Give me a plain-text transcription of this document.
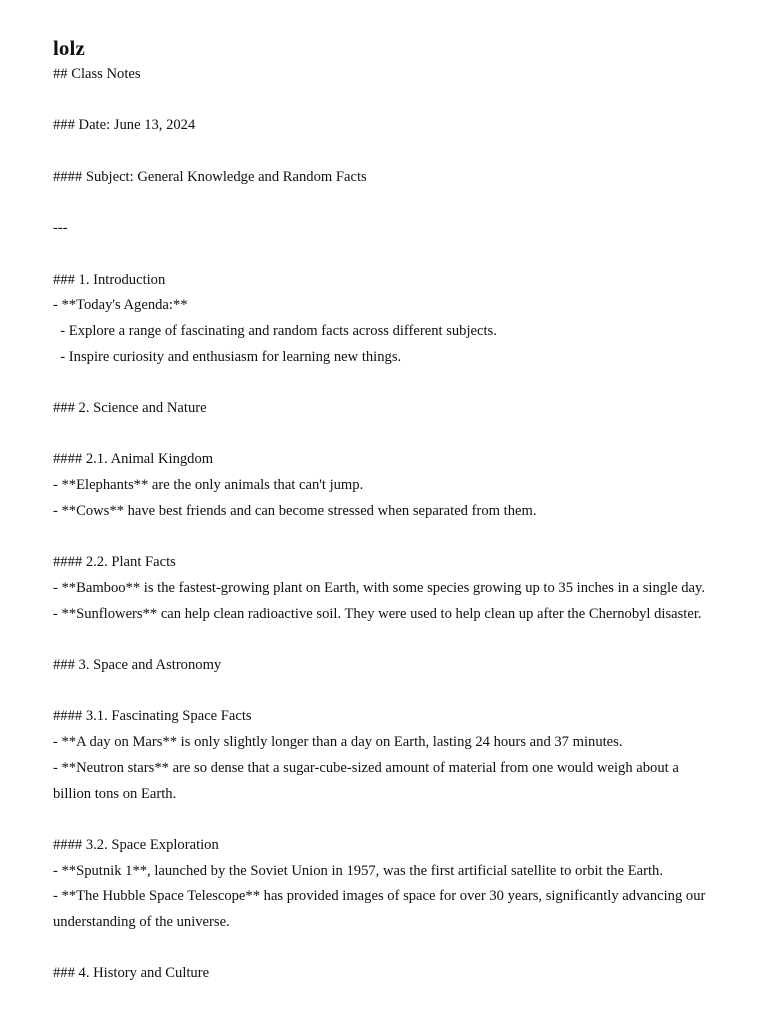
lolz
## Class Notes
### Date: June 13, 2024
#### Subject: General Knowledge and Random Facts
---
### 1. Introduction
- **Today's Agenda:**
- Explore a range of fascinating and random facts across different subjects.
- Inspire curiosity and enthusiasm for learning new things.
### 2. Science and Nature
#### 2.1. Animal Kingdom
- **Elephants** are the only animals that can't jump.
- **Cows** have best friends and can become stressed when separated from them.
#### 2.2. Plant Facts
- **Bamboo** is the fastest-growing plant on Earth, with some species growing up to 35 inches in a single day.
- **Sunflowers** can help clean radioactive soil. They were used to help clean up after the Chernobyl disaster.
### 3. Space and Astronomy
#### 3.1. Fascinating Space Facts
- **A day on Mars** is only slightly longer than a day on Earth, lasting 24 hours and 37 minutes.
- **Neutron stars** are so dense that a sugar-cube-sized amount of material from one would weigh about a
billion tons on Earth.
#### 3.2. Space Exploration
- **Sputnik 1**, launched by the Soviet Union in 1957, was the first artificial satellite to orbit the Earth.
- **The Hubble Space Telescope** has provided images of space for over 30 years, significantly advancing our
understanding of the universe.
### 4. History and Culture
